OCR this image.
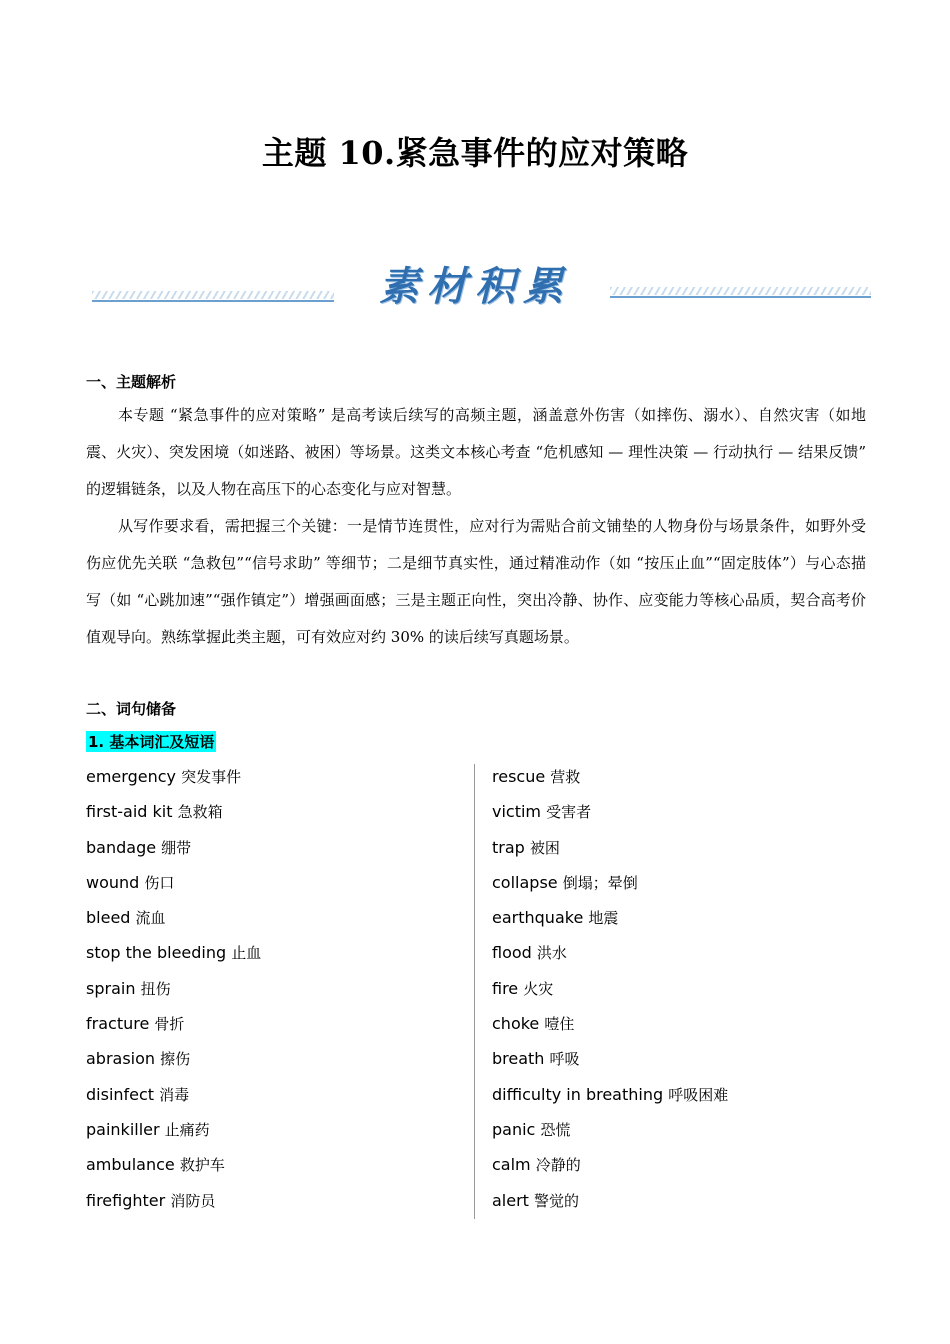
主题 10.紧急事件的应对策略
素材积累
一、主题解析
本专题 “紧急事件的应对策略” 是高考读后续写的高频主题，涵盖意外伤害（如摔伤、溺水）、自然灾害（如地震、火灾）、突发困境（如迷路、被困）等场景。这类文本核心考查 “危机感知 — 理性决策 — 行动执行 — 结果反馈” 的逻辑链条，以及人物在高压下的心态变化与应对智慧。
从写作要求看，需把握三个关键：一是情节连贯性，应对行为需贴合前文铺垫的人物身份与场景条件，如野外受伤应优先关联 “急救包”“信号求助” 等细节；二是细节真实性，通过精准动作（如 “按压止血”“固定肢体”）与心态描写（如 “心跳加速”“强作镇定”）增强画面感；三是主题正向性，突出冷静、协作、应变能力等核心品质，契合高考价值观导向。熟练掌握此类主题，可有效应对约 30% 的读后续写真题场景。
二、词句储备
1. 基本词汇及短语
emergency 突发事件
first-aid kit 急救箱
bandage 绷带
wound 伤口
bleed 流血
stop the bleeding 止血
sprain 扭伤
fracture 骨折
abrasion 擦伤
disinfect 消毒
painkiller 止痛药
ambulance 救护车
firefighter 消防员
rescue 营救
victim 受害者
trap 被困
collapse 倒塌；晕倒
earthquake 地震
flood 洪水
fire 火灾
choke 噎住
breath 呼吸
difficulty in breathing 呼吸困难
panic 恐慌
calm 冷静的
alert 警觉的
